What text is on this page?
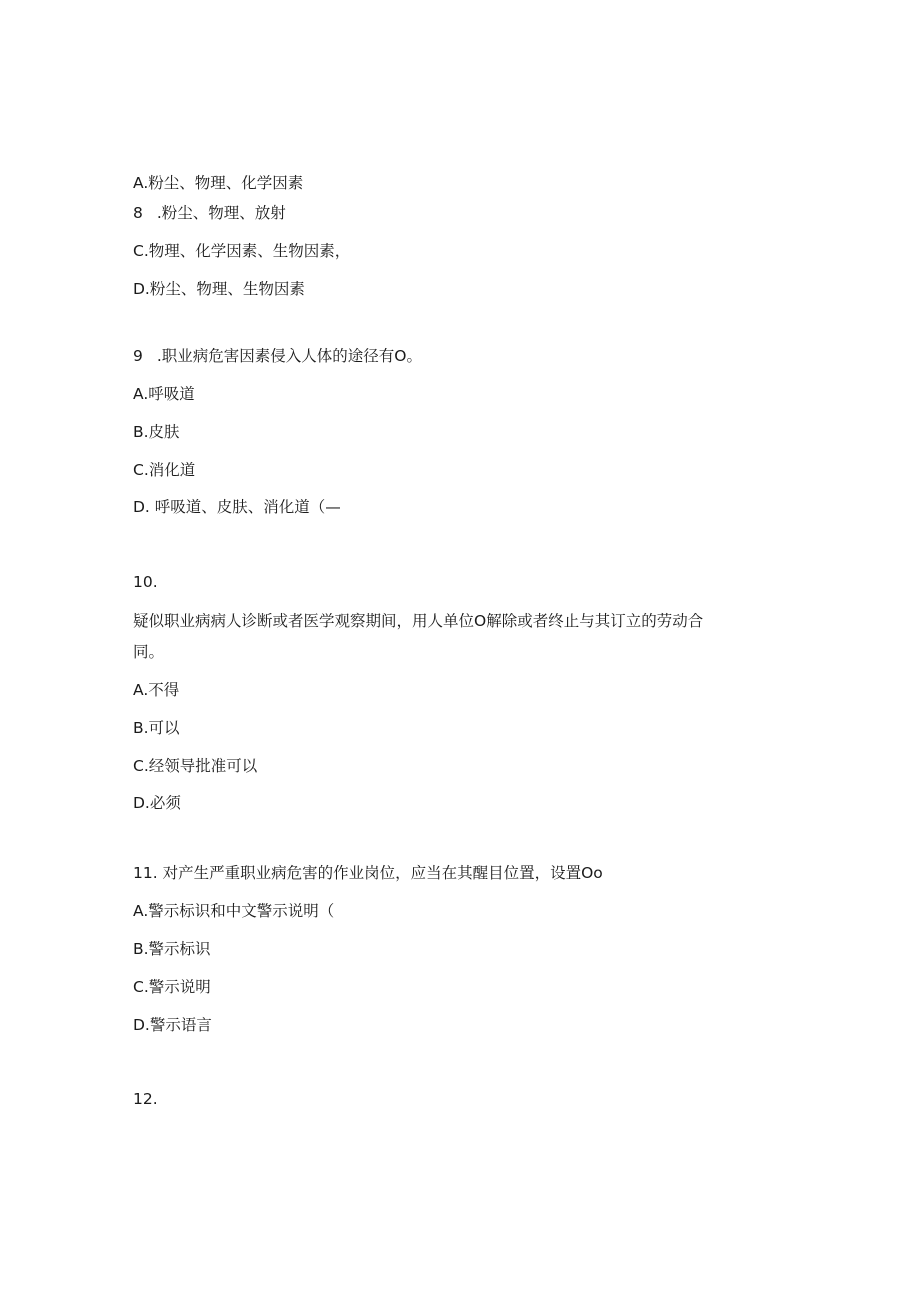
A.粉尘、物理、化学因素
8 .粉尘、物理、放射
C.物理、化学因素、生物因素，
D.粉尘、物理、生物因素
9 .职业病危害因素侵入人体的途径有O。
A.呼吸道
B.皮肤
C.消化道
D. 呼吸道、皮肤、消化道（—
10.
疑似职业病病人诊断或者医学观察期间，用人单位O解除或者终止与其订立的劳动合
同。
A.不得
B.可以
C.经领导批准可以
D.必须
11. 对产生严重职业病危害的作业岗位，应当在其醒目位置，设置Oo
A.警示标识和中文警示说明（
B.警示标识
C.警示说明
D.警示语言
12.
